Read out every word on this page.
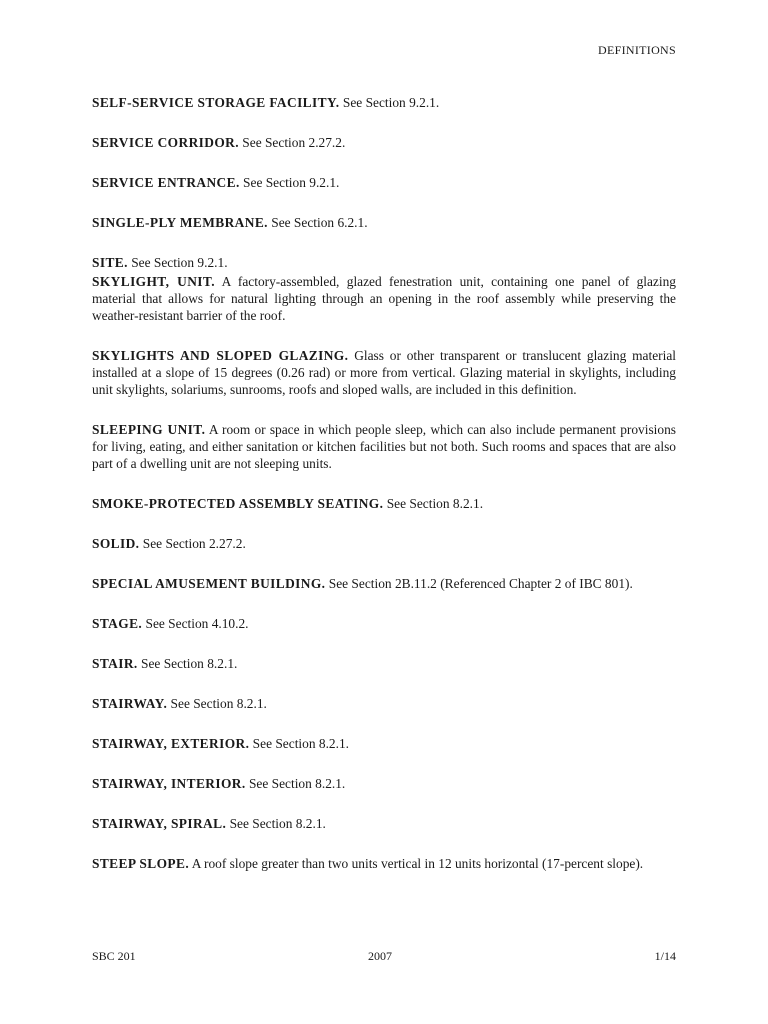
DEFINITIONS

SELF-SERVICE STORAGE FACILITY. See Section 9.2.1.

SERVICE CORRIDOR. See Section 2.27.2.

SERVICE ENTRANCE. See Section 9.2.1.

SINGLE-PLY MEMBRANE. See Section 6.2.1.

SITE. See Section 9.2.1.

SKYLIGHT, UNIT. A factory-assembled, glazed fenestration unit, containing one panel of glazing material that allows for natural lighting through an opening in the roof assembly while preserving the weather-resistant barrier of the roof.

SKYLIGHTS AND SLOPED GLAZING. Glass or other transparent or translucent glazing material installed at a slope of 15 degrees (0.26 rad) or more from vertical. Glazing material in skylights, including unit skylights, solariums, sunrooms, roofs and sloped walls, are included in this definition.

SLEEPING UNIT. A room or space in which people sleep, which can also include permanent provisions for living, eating, and either sanitation or kitchen facilities but not both. Such rooms and spaces that are also part of a dwelling unit are not sleeping units.

SMOKE-PROTECTED ASSEMBLY SEATING. See Section 8.2.1.

SOLID. See Section 2.27.2.

SPECIAL AMUSEMENT BUILDING. See Section 2B.11.2 (Referenced Chapter 2 of IBC 801).

STAGE. See Section 4.10.2.

STAIR. See Section 8.2.1.

STAIRWAY. See Section 8.2.1.

STAIRWAY, EXTERIOR. See Section 8.2.1.

STAIRWAY, INTERIOR. See Section 8.2.1.

STAIRWAY, SPIRAL. See Section 8.2.1.

STEEP SLOPE. A roof slope greater than two units vertical in 12 units horizontal (17-percent slope).

SBC 201	2007	1/14
